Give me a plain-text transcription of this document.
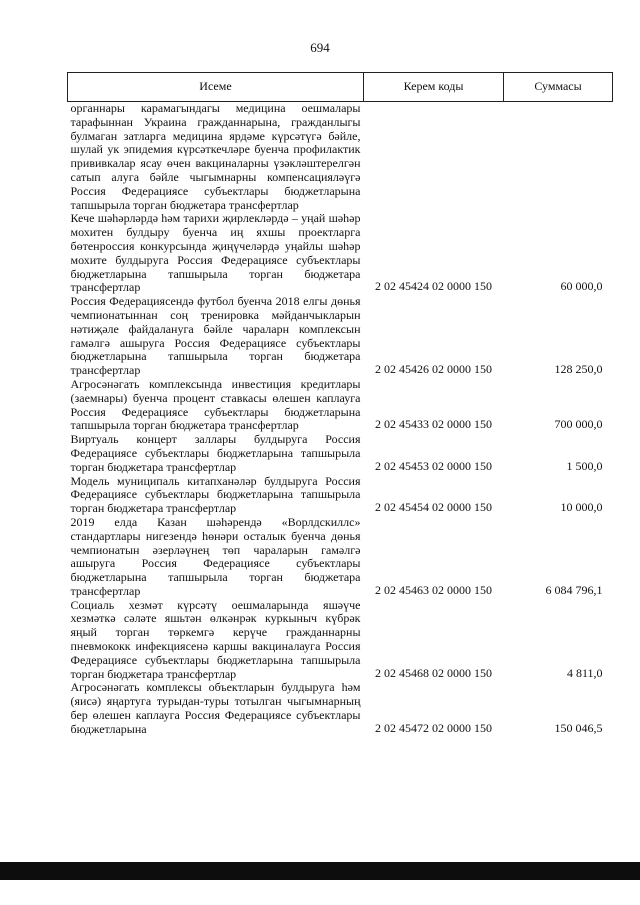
694
Исеме	Керем коды	Суммасы
органнары карамагындагы медицина оешмалары тарафыннан Украина гражданнарына, гражданлыгы булмаган затларга медицина ярдәме күрсәтүгә бәйле, шулай ук эпидемия күрсәткечләре буенча профилактик прививкалар ясау өчен вакциналарны үзәкләштерелгән сатып алуга бәйле чыгымнарны компенсацияләүгә Россия Федерациясе субъектлары бюджетларына тапшырыла торган бюджетара трансфертлар		
Кече шәһәрләрдә һәм тарихи җирлекләрдә – уңай шәһәр мохитен булдыру буенча иң яхшы проектларга бөтенроссия конкурсында җиңүчеләрдә уңайлы шәһәр мохите булдыруга Россия Федерациясе субъектлары бюджетларына тапшырыла торган бюджетара трансфертлар	2 02 45424 02 0000 150	60 000,0
Россия Федерациясендә футбол буенча 2018 елгы дөнья чемпионатыннан соң тренировка мәйданчыкларын нәтиҗәле файдалануга бәйле чараларн комплексын гамәлгә ашыруга Россия Федерациясе субъектлары бюджетларына тапшырыла торган бюджетара трансфертлар	2 02 45426 02 0000 150	128 250,0
Агросәнәгать комплексында инвестиция кредитлары (заемнары) буенча процент ставкасы өлешен каплауга Россия Федерациясе субъектлары бюджетларына тапшырыла торган бюджетара трансфертлар	2 02 45433 02 0000 150	700 000,0
Виртуаль концерт заллары булдыруга Россия Федерациясе субъектлары бюджетларына тапшырыла торган бюджетара трансфертлар	2 02 45453 02 0000 150	1 500,0
Модель муниципаль китапханәләр булдыруга Россия Федерациясе субъектлары бюджетларына тапшырыла торган бюджетара трансфертлар	2 02 45454 02 0000 150	10 000,0
2019 елда Казан шәһәрендә «Ворлдскиллс» стандартлары нигезендә һөнәри осталык буенча дөнья чемпионатын әзерләүнең төп чараларын гамәлгә ашыруга Россия Федерациясе субъектлары бюджетларына тапшырыла торган бюджетара трансфертлар	2 02 45463 02 0000 150	6 084 796,1
Социаль хезмәт күрсәтү оешмаларында яшәүче хезмәткә сәләте яшьтән өлкәнрәк куркыныч күбрәк яңый торган төркемгә керүче гражданнарны пневмококк инфекциясенә каршы вакциналауга Россия Федерациясе субъектлары бюджетларына тапшырыла торган бюджетара трансфертлар	2 02 45468 02 0000 150	4 811,0
Агросәнәгать комплексы объектларын булдыруга һәм (яисә) яңартуга турыдан-туры тотылган чыгымнарның бер өлешен каплауга Россия Федерациясе субъектлары бюджетларына	2 02 45472 02 0000 150	150 046,5
